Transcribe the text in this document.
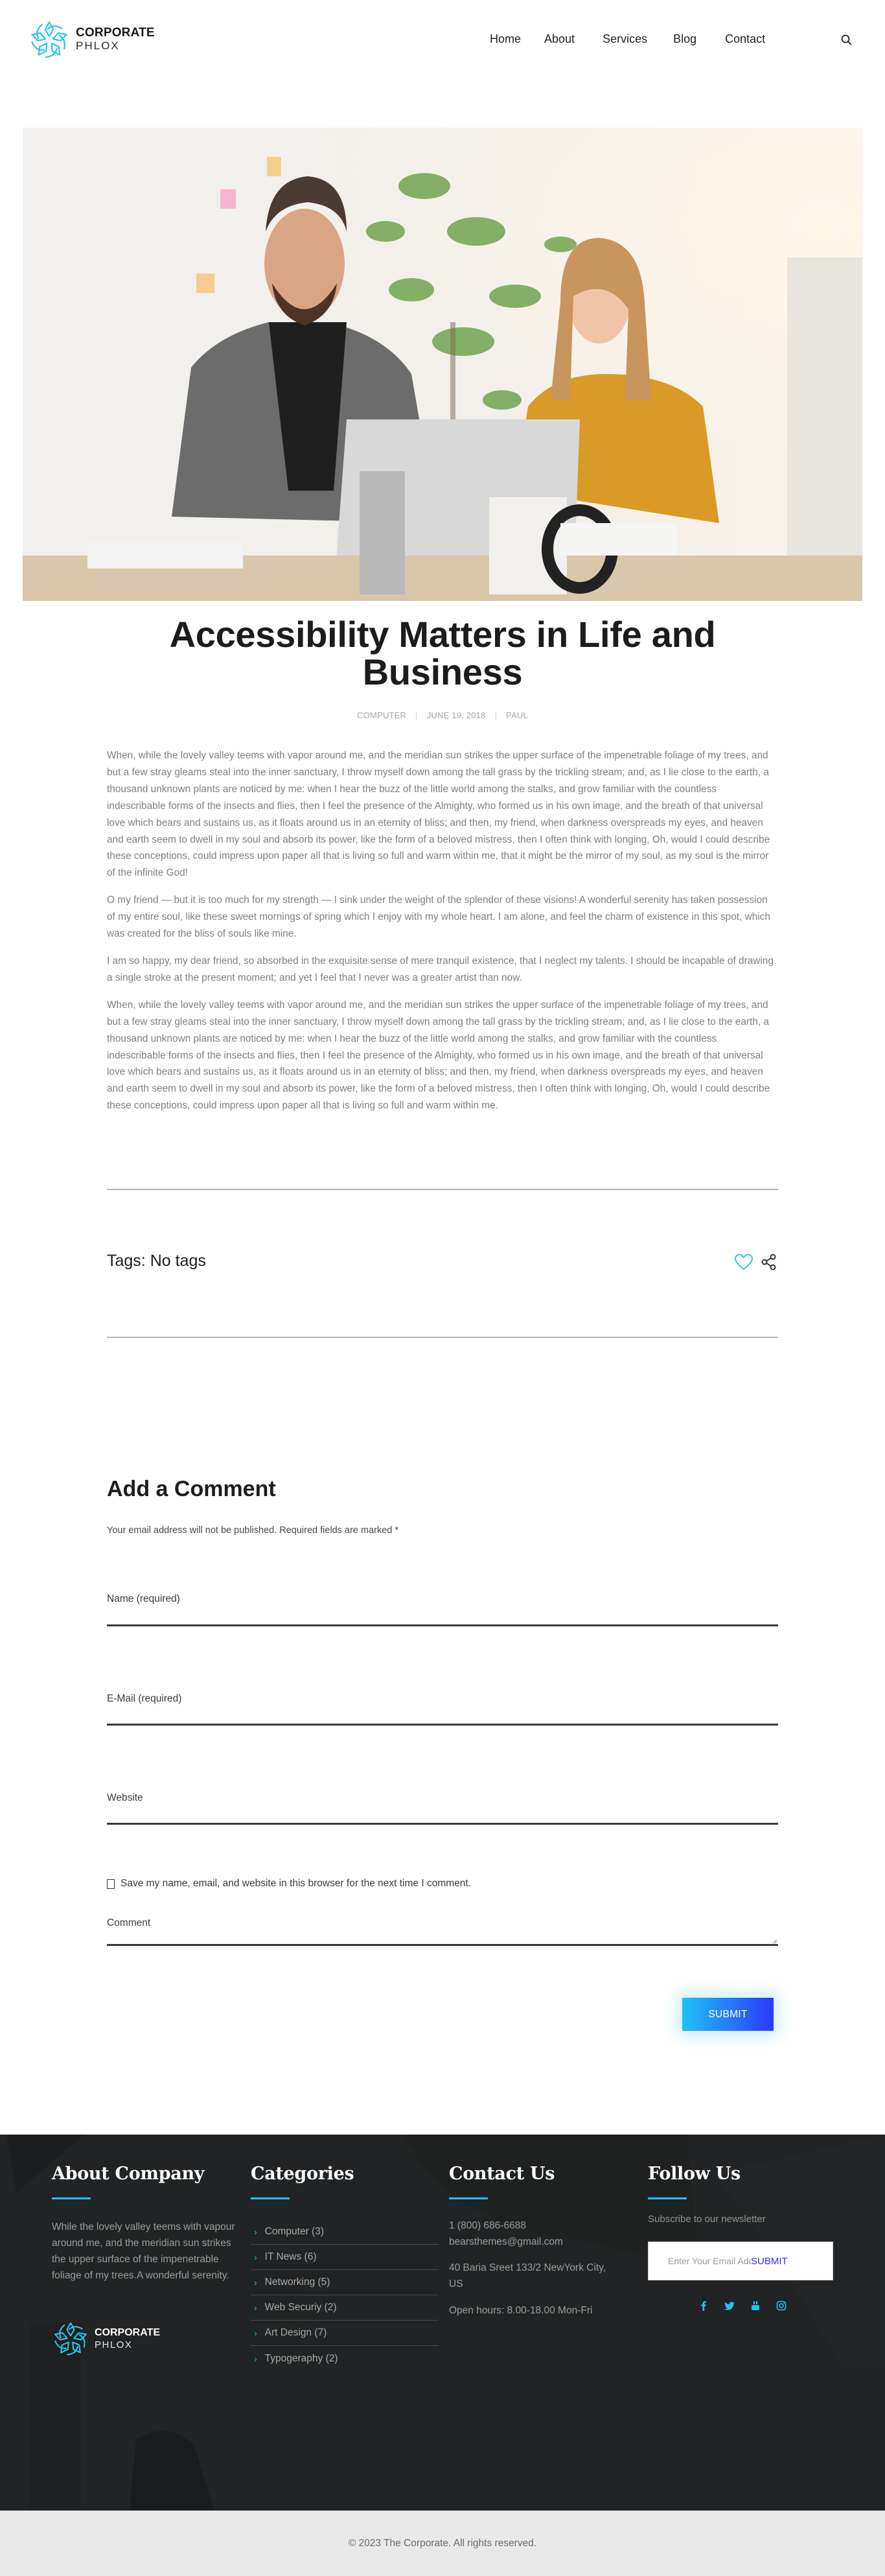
CORPORATE
PHLOX
Home About Services Blog Contact
Accessibility Matters in Life and Business
COMPUTER | JUNE 19, 2018 | PAUL

When, while the lovely valley teems with vapor around me, and the meridian sun strikes the upper surface of the impenetrable foliage of my trees, and but a few stray gleams steal into the inner sanctuary, I throw myself down among the tall grass by the trickling stream; and, as I lie close to the earth, a thousand unknown plants are noticed by me: when I hear the buzz of the little world among the stalks, and grow familiar with the countless indescribable forms of the insects and flies, then I feel the presence of the Almighty, who formed us in his own image, and the breath of that universal love which bears and sustains us, as it floats around us in an eternity of bliss; and then, my friend, when darkness overspreads my eyes, and heaven and earth seem to dwell in my soul and absorb its power, like the form of a beloved mistress, then I often think with longing, Oh, would I could describe these conceptions, could impress upon paper all that is living so full and warm within me, that it might be the mirror of my soul, as my soul is the mirror of the infinite God!

O my friend — but it is too much for my strength — I sink under the weight of the splendor of these visions! A wonderful serenity has taken possession of my entire soul, like these sweet mornings of spring which I enjoy with my whole heart. I am alone, and feel the charm of existence in this spot, which was created for the bliss of souls like mine.

I am so happy, my dear friend, so absorbed in the exquisite sense of mere tranquil existence, that I neglect my talents. I should be incapable of drawing a single stroke at the present moment; and yet I feel that I never was a greater artist than now.

When, while the lovely valley teems with vapor around me, and the meridian sun strikes the upper surface of the impenetrable foliage of my trees, and but a few stray gleams steal into the inner sanctuary, I throw myself down among the tall grass by the trickling stream; and, as I lie close to the earth, a thousand unknown plants are noticed by me: when I hear the buzz of the little world among the stalks, and grow familiar with the countless indescribable forms of the insects and flies, then I feel the presence of the Almighty, who formed us in his own image, and the breath of that universal love which bears and sustains us, as it floats around us in an eternity of bliss; and then, my friend, when darkness overspreads my eyes, and heaven and earth seem to dwell in my soul and absorb its power, like the form of a beloved mistress, then I often think with longing, Oh, would I could describe these conceptions, could impress upon paper all that is living so full and warm within me.

Tags: No tags
Add a Comment

Your email address will not be published. Required fields are marked *

Name (required)
E-Mail (required)
Website
Save my name, email, and website in this browser for the next time I comment.
Comment
SUBMIT
About Company

While the lovely valley teems with vapour around me, and the meridian sun strikes the upper surface of the impenetrable foliage of my trees.A wonderful serenity.

CORPORATE
PHLOX
Categories
› Computer (3)
› IT News (6)
› Networking (5)
› Web Securiy (2)
› Art Design (7)
› Typogeraphy (2)
Contact Us

1 (800) 686-6688

bearsthemes@gmail.com

40 Baria Sreet 133/2 NewYork City, US

Open hours: 8.00-18.00 Mon-Fri

Follow Us
Subscribe to our newsletter
Enter Your Email Address
SUBMIT
© 2023 The Corporate. All rights reserved.
